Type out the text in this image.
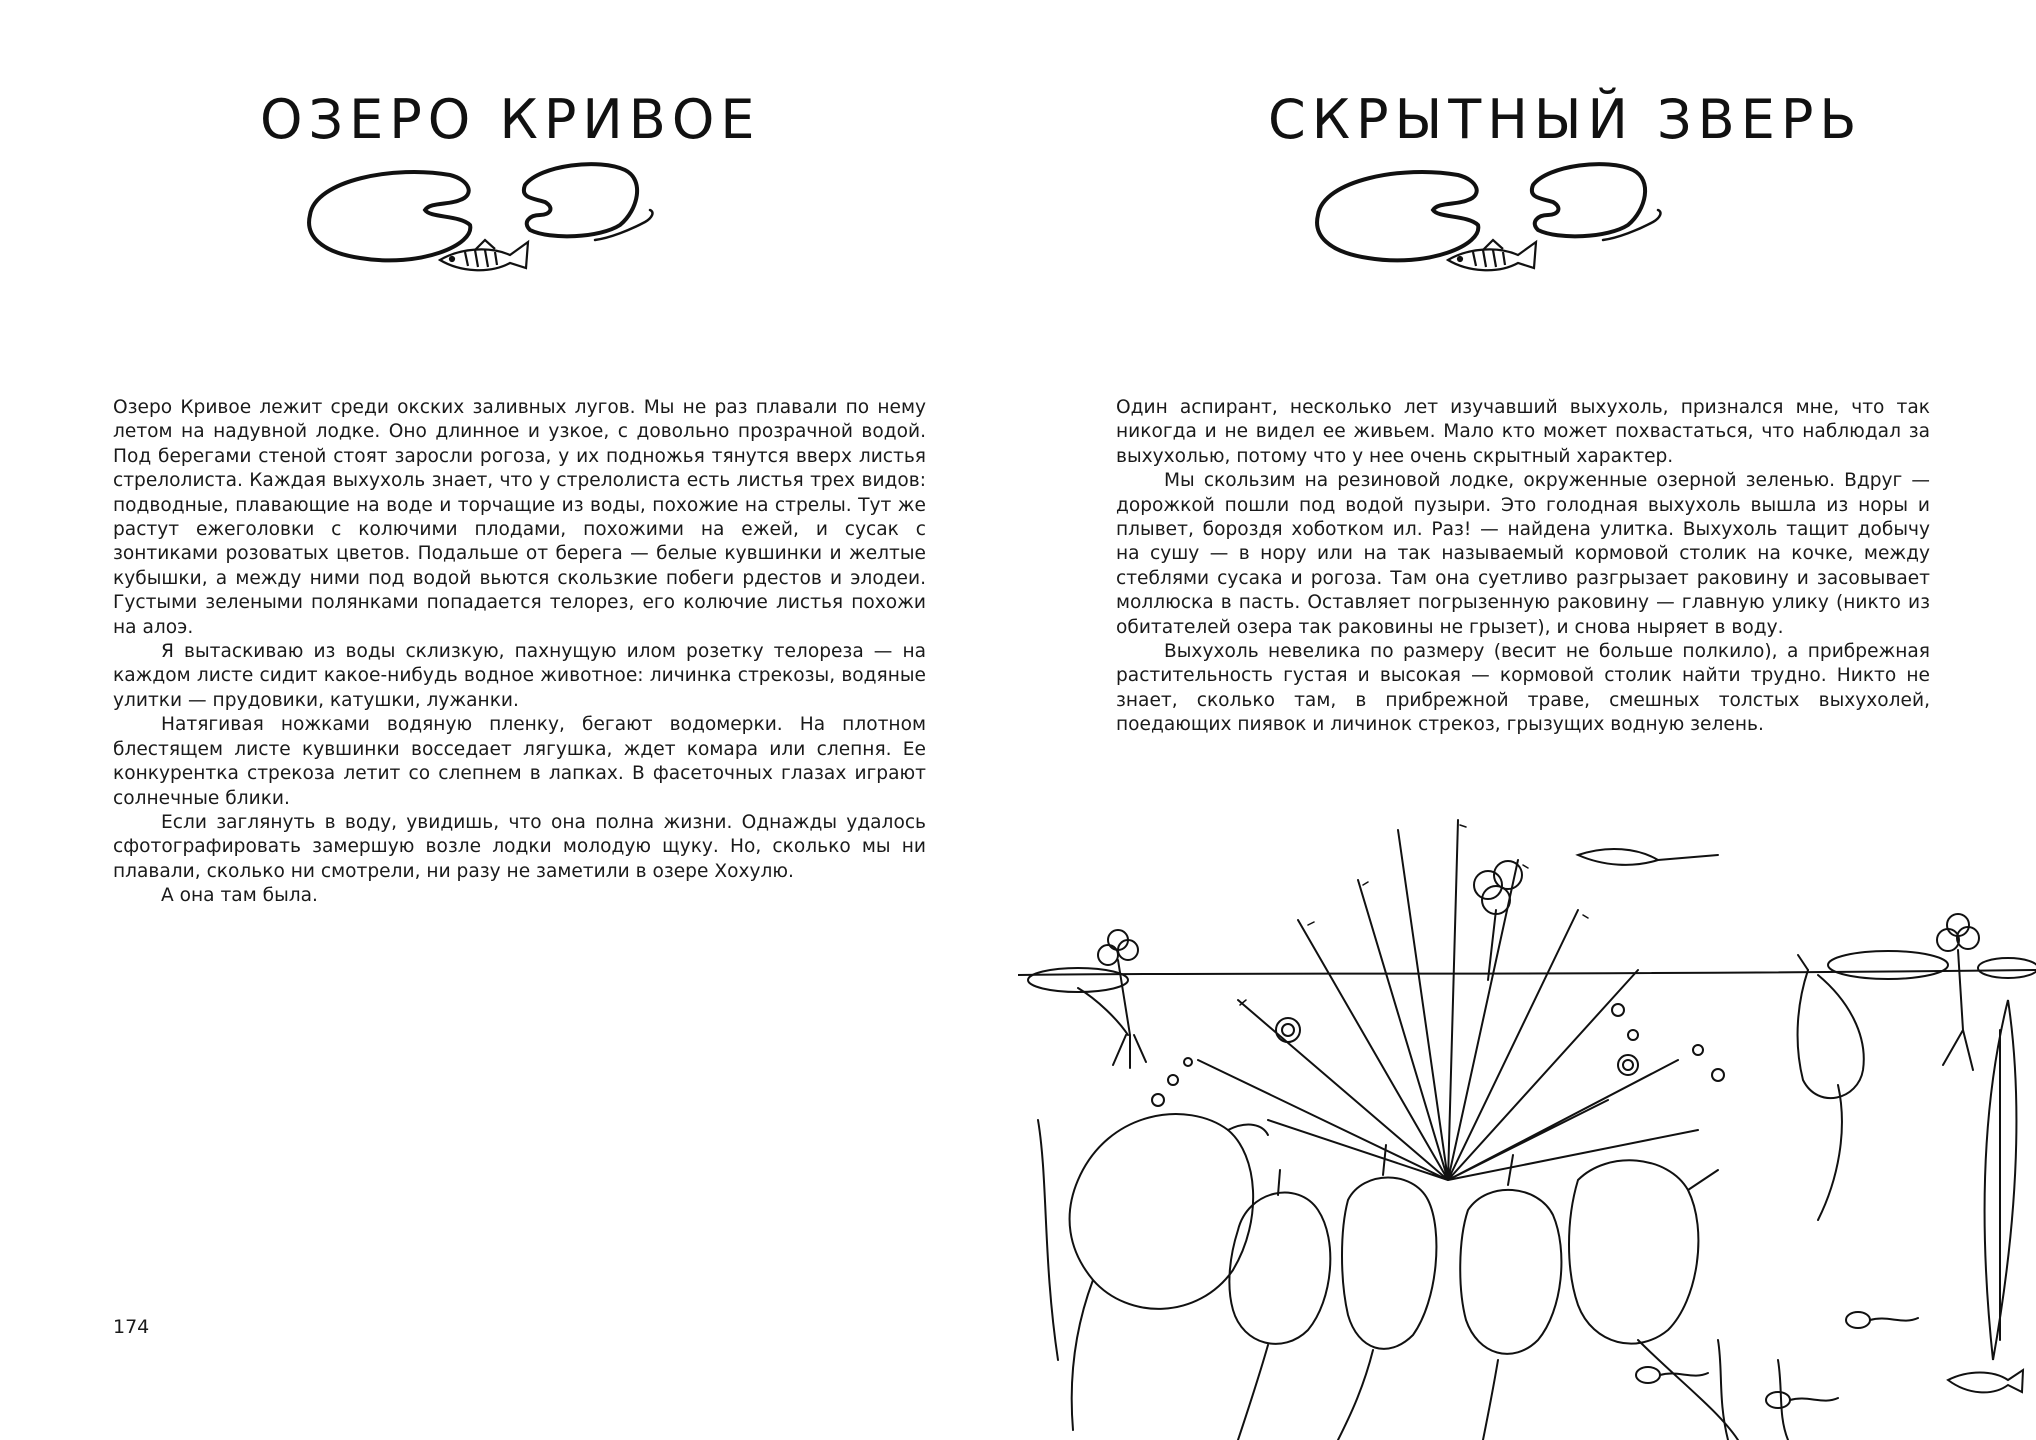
ОЗЕРО КРИВОЕ

Озеро Кривое лежит среди окских заливных лугов. Мы не раз плавали по нему летом на надувной лодке. Оно длинное и узкое, с довольно прозрачной водой. Под берегами стеной стоят заросли рогоза, у их подножья тянутся вверх листья стрелолиста. Каждая выхухоль знает, что у стрелолиста есть листья трех видов: подводные, плавающие на воде и торчащие из воды, похожие на стрелы. Тут же растут ежеголовки с колючими плодами, похожими на ежей, и сусак с зонтиками розоватых цветов. Подальше от берега — белые кувшинки и желтые кубышки, а между ними под водой вьются скользкие побеги рдестов и элодеи. Густыми зелеными полянками попадается телорез, его колючие листья похожи на алоэ.

Я вытаскиваю из воды склизкую, пахнущую илом розетку телореза — на каждом листе сидит какое-нибудь водное животное: личинка стрекозы, водяные улитки — прудовики, катушки, лужанки.

Натягивая ножками водяную пленку, бегают водомерки. На плотном блестящем листе кувшинки восседает лягушка, ждет комара или слепня. Ее конкурентка стрекоза летит со слепнем в лапках. В фасеточных глазах играют солнечные блики.

Если заглянуть в воду, увидишь, что она полна жизни. Однажды удалось сфотографировать замершую возле лодки молодую щуку. Но, сколько мы ни плавали, сколько ни смотрели, ни разу не заметили в озере Хохулю.

А она там была.

174
СКРЫТНЫЙ ЗВЕРЬ

Один аспирант, несколько лет изучавший выхухоль, признался мне, что так никогда и не видел ее живьем. Мало кто может похвастаться, что наблюдал за выхухолью, потому что у нее очень скрытный характер.

Мы скользим на резиновой лодке, окруженные озерной зеленью. Вдруг — дорожкой пошли под водой пузыри. Это голодная выхухоль вышла из норы и плывет, бороздя хоботком ил. Раз! — найдена улитка. Выхухоль тащит добычу на сушу — в нору или на так называемый кормовой столик на кочке, между стеблями сусака и рогоза. Там она суетливо разгрызает раковину и засовывает моллюска в пасть. Оставляет погрызенную раковину — главную улику (никто из обитателей озера так раковины не грызет), и снова ныряет в воду.

Выхухоль невелика по размеру (весит не больше полкило), а прибрежная растительность густая и высокая — кормовой столик найти трудно. Никто не знает, сколько там, в прибрежной траве, смешных толстых выхухолей, поедающих пиявок и личинок стрекоз, грызущих водную зелень.
